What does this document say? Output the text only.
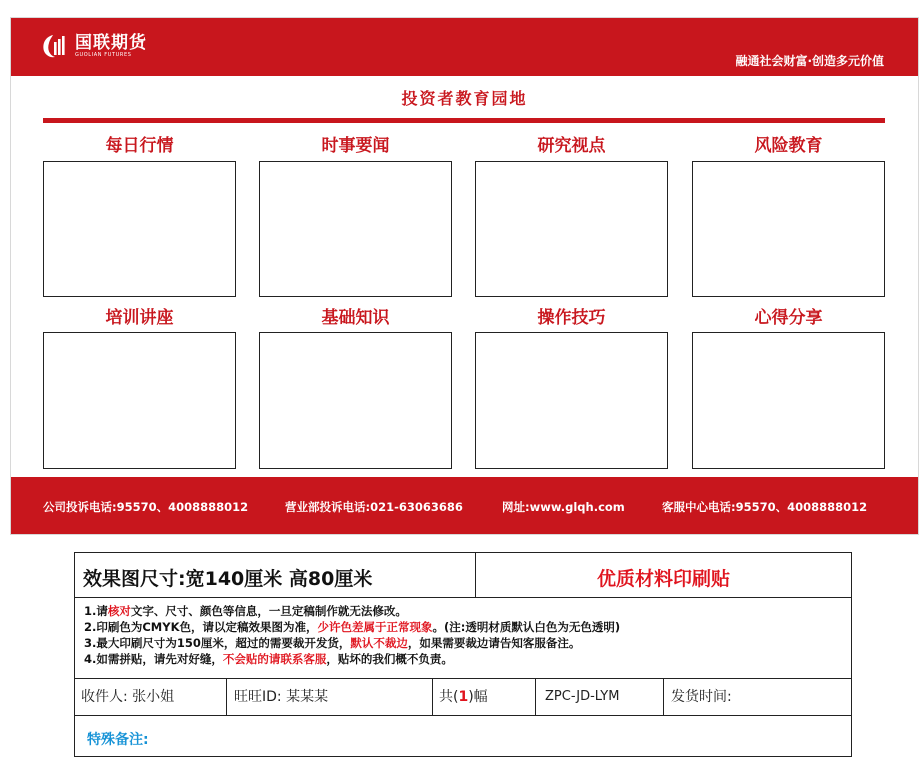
国联期货
GUOLIAN FUTURES	融通社会财富·创造多元价值
投资者教育园地
每日行情	时事要闻	研究视点	风险教育
培训讲座	基础知识	操作技巧	心得分享
公司投诉电话:95570、4008888012	营业部投诉电话:021-63063686	网址:www.glqh.com	客服中心电话:95570、4008888012
效果图尺寸:宽140厘米 高80厘米	优质材料印刷贴
1.请核对文字、尺寸、颜色等信息，一旦定稿制作就无法修改。
2.印刷色为CMYK色，请以定稿效果图为准，少许色差属于正常现象。(注:透明材质默认白色为无色透明)
3.最大印刷尺寸为150厘米，超过的需要裁开发货，默认不裁边，如果需要裁边请告知客服备注。
4.如需拼贴，请先对好缝，不会贴的请联系客服，贴坏的我们概不负责。
收件人: 张小姐	旺旺ID: 某某某	共(1)幅	ZPC-JD-LYM	发货时间:
特殊备注:
